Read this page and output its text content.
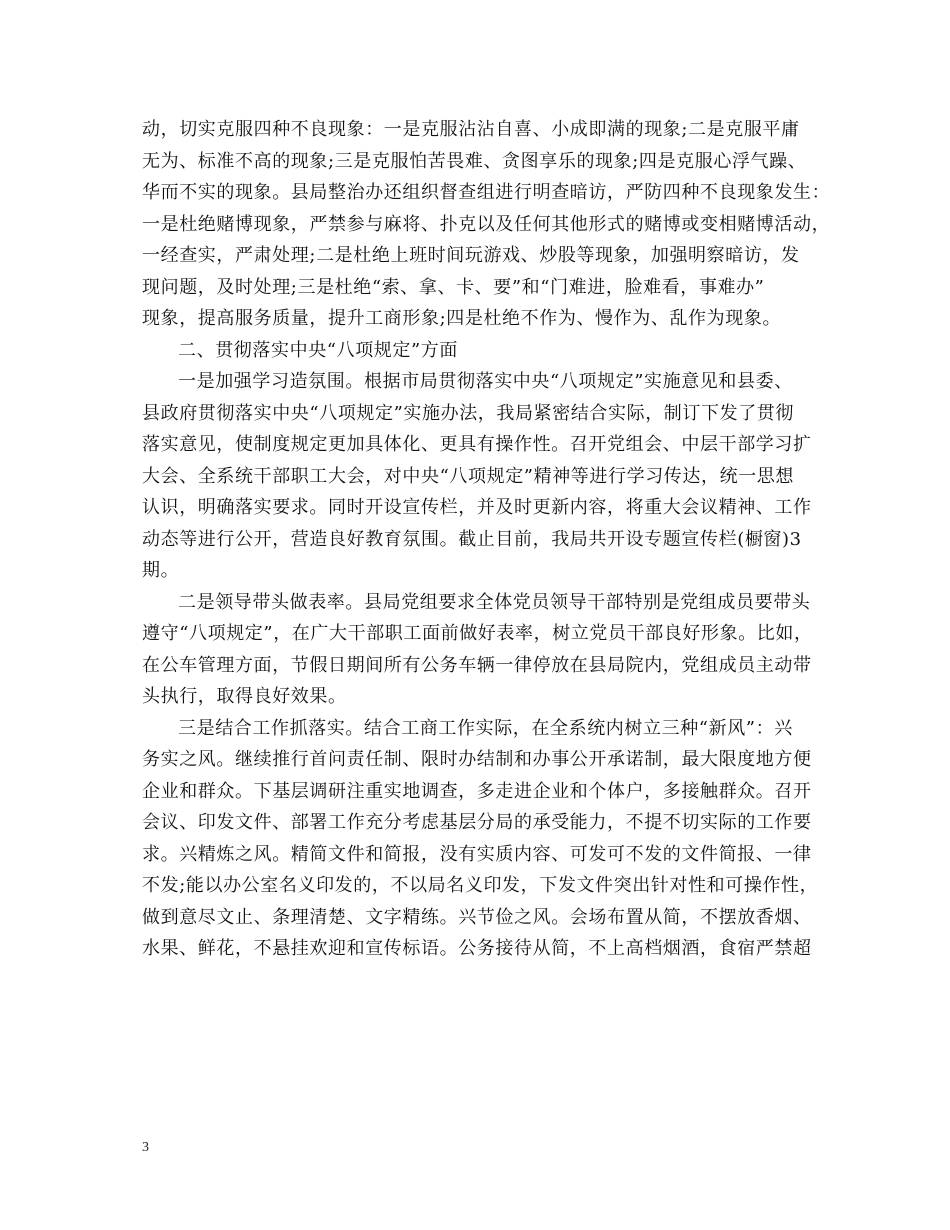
动，切实克服四种不良现象：一是克服沾沾自喜、小成即满的现象;二是克服平庸
无为、标准不高的现象;三是克服怕苦畏难、贪图享乐的现象;四是克服心浮气躁、
华而不实的现象。县局整治办还组织督查组进行明查暗访，严防四种不良现象发生：
一是杜绝赌博现象，严禁参与麻将、扑克以及任何其他形式的赌博或变相赌博活动，
一经查实，严肃处理;二是杜绝上班时间玩游戏、炒股等现象，加强明察暗访，发
现问题，及时处理;三是杜绝“索、拿、卡、要”和“门难进，脸难看，事难办”
现象，提高服务质量，提升工商形象;四是杜绝不作为、慢作为、乱作为现象。
二、贯彻落实中央“八项规定”方面
一是加强学习造氛围。根据市局贯彻落实中央“八项规定”实施意见和县委、
县政府贯彻落实中央“八项规定”实施办法，我局紧密结合实际，制订下发了贯彻
落实意见，使制度规定更加具体化、更具有操作性。召开党组会、中层干部学习扩
大会、全系统干部职工大会，对中央“八项规定”精神等进行学习传达，统一思想
认识，明确落实要求。同时开设宣传栏，并及时更新内容，将重大会议精神、工作
动态等进行公开，营造良好教育氛围。截止目前，我局共开设专题宣传栏(橱窗)3
期。
二是领导带头做表率。县局党组要求全体党员领导干部特别是党组成员要带头
遵守“八项规定”，在广大干部职工面前做好表率，树立党员干部良好形象。比如，
在公车管理方面，节假日期间所有公务车辆一律停放在县局院内，党组成员主动带
头执行，取得良好效果。
三是结合工作抓落实。结合工商工作实际，在全系统内树立三种“新风”：兴
务实之风。继续推行首问责任制、限时办结制和办事公开承诺制，最大限度地方便
企业和群众。下基层调研注重实地调查，多走进企业和个体户，多接触群众。召开
会议、印发文件、部署工作充分考虑基层分局的承受能力，不提不切实际的工作要
求。兴精炼之风。精简文件和简报，没有实质内容、可发可不发的文件简报、一律
不发;能以办公室名义印发的，不以局名义印发，下发文件突出针对性和可操作性，
做到意尽文止、条理清楚、文字精练。兴节俭之风。会场布置从简，不摆放香烟、
水果、鲜花，不悬挂欢迎和宣传标语。公务接待从简，不上高档烟酒，食宿严禁超
3
